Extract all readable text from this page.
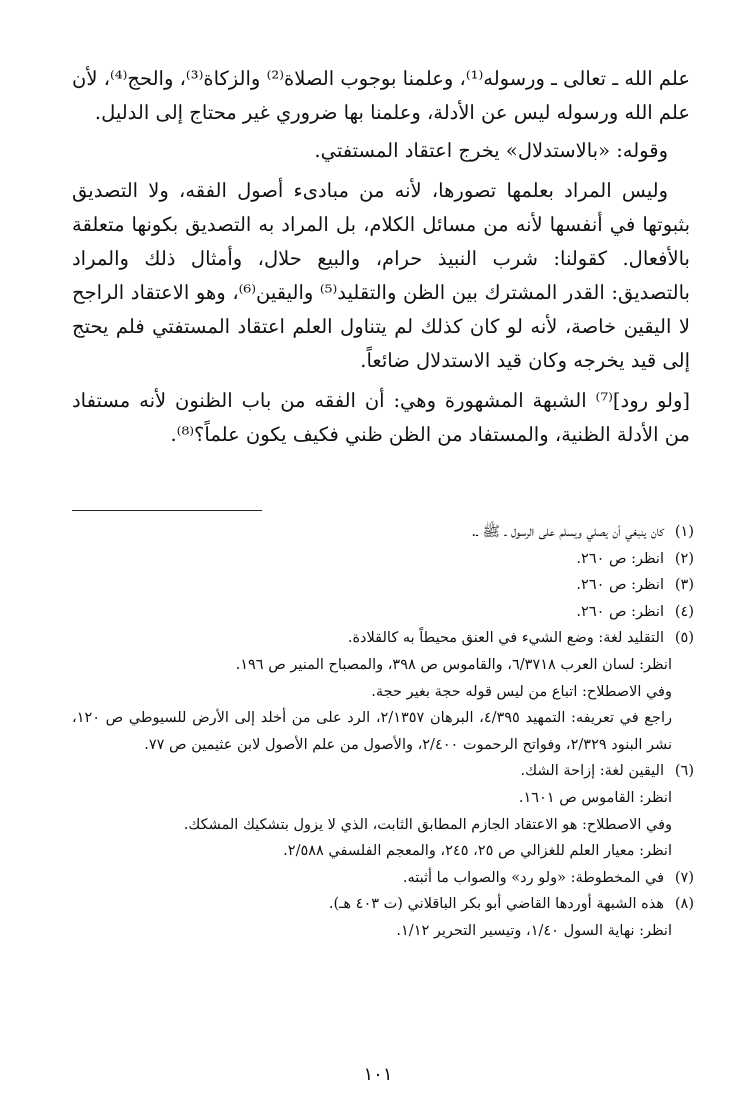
علم الله ـ تعالى ـ ورسوله⁽¹⁾، وعلمنا بوجوب الصلاة⁽²⁾ والزكاة⁽³⁾، والحج⁽⁴⁾، لأن علم الله ورسوله ليس عن الأدلة، وعلمنا بها ضروري غير محتاج إلى الدليل.

وقوله: «بالاستدلال» يخرج اعتقاد المستفتي.

وليس المراد بعلمها تصورها، لأنه من مبادىء أصول الفقه، ولا التصديق بثبوتها في أنفسها لأنه من مسائل الكلام، بل المراد به التصديق بكونها متعلقة بالأفعال. كقولنا: شرب النبيذ حرام، والبيع حلال، وأمثال ذلك والمراد بالتصديق: القدر المشترك بين الظن والتقليد⁽⁵⁾ واليقين⁽⁶⁾، وهو الاعتقاد الراجح لا اليقين خاصة، لأنه لو كان كذلك لم يتناول العلم اعتقاد المستفتي فلم يحتج إلى قيد يخرجه وكان قيد الاستدلال ضائعاً.

[ولو رود]⁽⁷⁾ الشبهة المشهورة وهي: أن الفقه من باب الظنون لأنه مستفاد من الأدلة الظنية، والمستفاد من الظن ظني فكيف يكون علماً؟⁽⁸⁾.

(١)
كان ينبغي أن يصلي ويسلم على الرسول ـ ﷺ ـ.
(٢)
انظر: ص ٢٦٠.
(٣)
انظر: ص ٢٦٠.
(٤)
انظر: ص ٢٦٠.
(٥)
التقليد لغة: وضع الشيء في العنق محيطاً به كالقلادة.
انظر: لسان العرب ٦/٣٧١٨، والقاموس ص ٣٩٨، والمصباح المنير ص ١٩٦.
وفي الاصطلاح: اتباع من ليس قوله حجة بغير حجة.
راجع في تعريفه: التمهيد ٤/٣٩٥، البرهان ٢/١٣٥٧، الرد على من أخلد إلى الأرض للسيوطي ص ١٢٠، نشر البنود ٢/٣٢٩، وفواتح الرحموت ٢/٤٠٠، والأصول من علم الأصول لابن عثيمين ص ٧٧.
(٦)
اليقين لغة: إزاحة الشك.
انظر: القاموس ص ١٦٠١.
وفي الاصطلاح: هو الاعتقاد الجازم المطابق الثابت، الذي لا يزول بتشكيك المشكك.
انظر: معيار العلم للغزالي ص ٢٥، ٢٤٥، والمعجم الفلسفي ٢/٥٨٨.
(٧)
في المخطوطة: «ولو رد» والصواب ما أثبته.
(٨)
هذه الشبهة أوردها القاضي أبو بكر الباقلاني (ت ٤٠٣ هـ).
انظر: نهاية السول ١/٤٠، وتيسير التحرير ١/١٢.
١٠١
